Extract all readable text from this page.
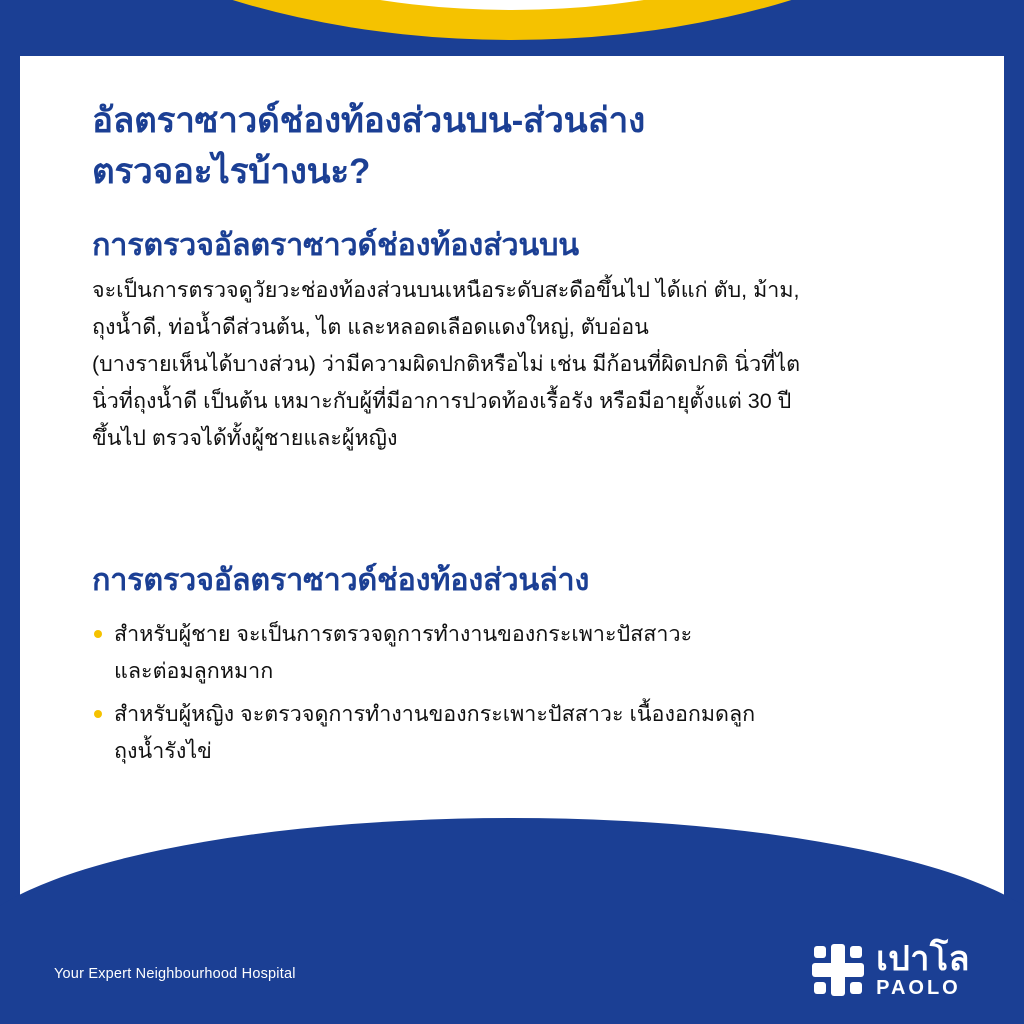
อัลตราซาวด์ช่องท้องส่วนบน-ส่วนล่าง
ตรวจอะไรบ้างนะ?
การตรวจอัลตราซาวด์ช่องท้องส่วนบน

จะเป็นการตรวจดูวัยวะช่องท้องส่วนบนเหนือระดับสะดือขึ้นไป ได้แก่ ตับ, ม้าม,
ถุงน้ำดี, ท่อน้ำดีส่วนต้น, ไต และหลอดเลือดแดงใหญ่, ตับอ่อน
(บางรายเห็นได้บางส่วน) ว่ามีความผิดปกติหรือไม่ เช่น มีก้อนที่ผิดปกติ นิ่วที่ไต
นิ่วที่ถุงน้ำดี เป็นต้น เหมาะกับผู้ที่มีอาการปวดท้องเรื้อรัง หรือมีอายุตั้งแต่ 30 ปี
ขึ้นไป ตรวจได้ทั้งผู้ชายและผู้หญิง

การตรวจอัลตราซาวด์ช่องท้องส่วนล่าง
สำหรับผู้ชาย จะเป็นการตรวจดูการทำงานของกระเพาะปัสสาวะ
และต่อมลูกหมาก
สำหรับผู้หญิง จะตรวจดูการทำงานของกระเพาะปัสสาวะ เนื้องอกมดลูก
ถุงน้ำรังไข่
Your Expert Neighbourhood Hospital	เปาโล
PAOLO
